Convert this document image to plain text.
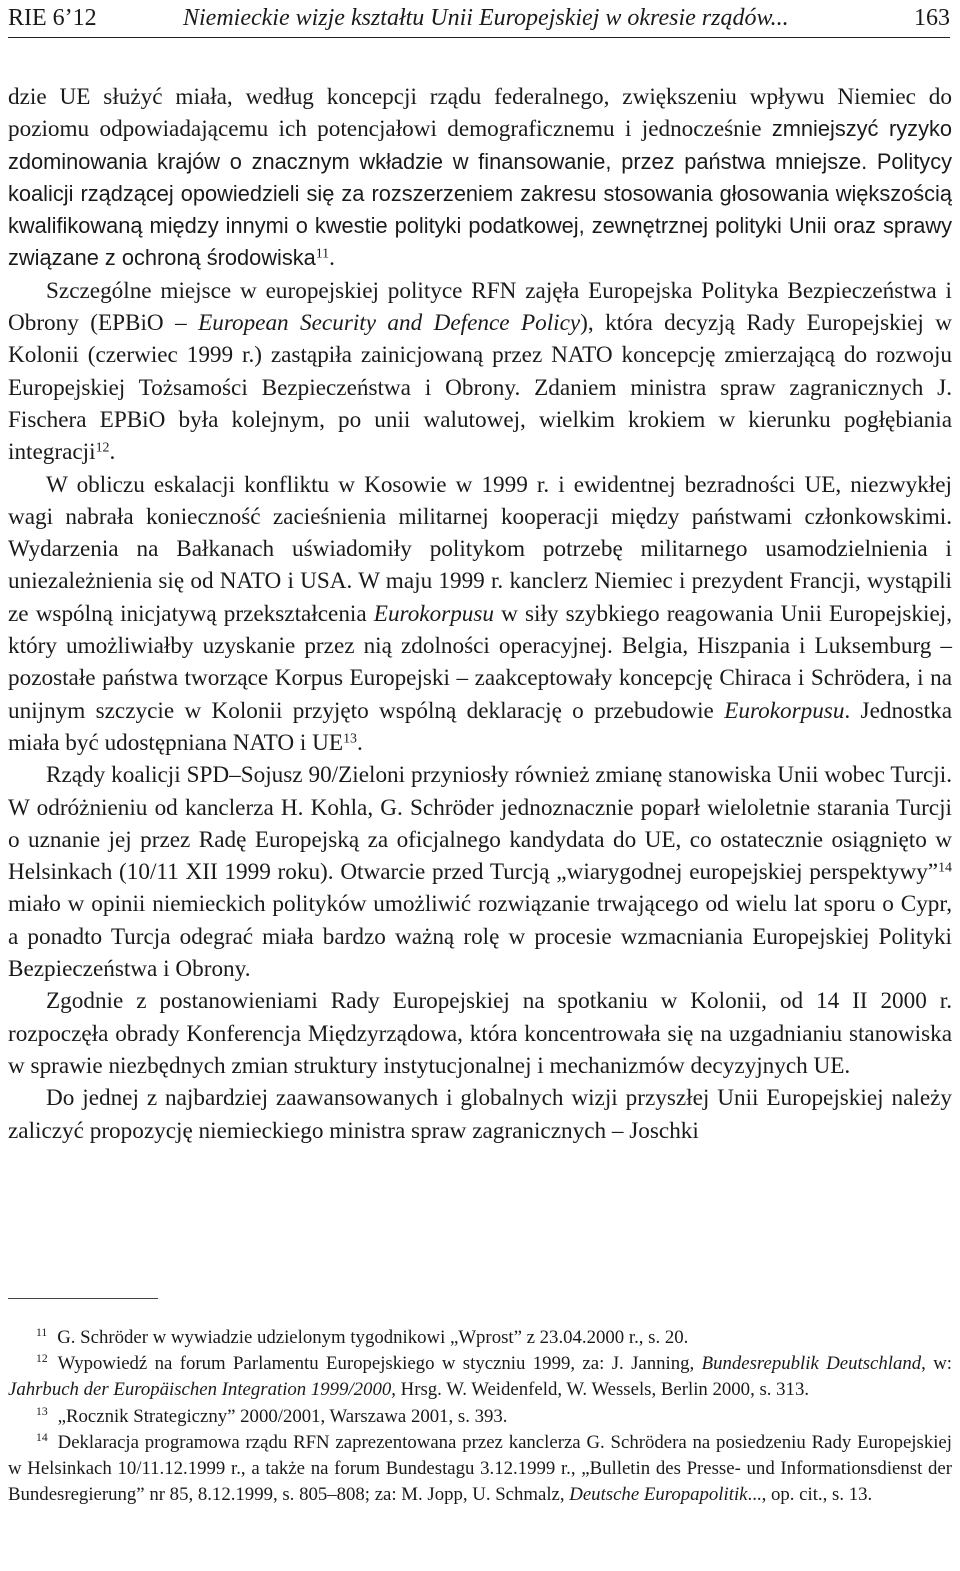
RIE 6’12	Niemieckie wizje kształtu Unii Europejskiej w okresie rządów...	163

dzie UE służyć miała, według koncepcji rządu federalnego, zwiększeniu wpływu Niemiec do poziomu odpowiadającemu ich potencjałowi demograficznemu i jednocześnie zmniejszyć ryzyko zdominowania krajów o znacznym wkładzie w finansowanie, przez państwa mniejsze. Politycy koalicji rządzącej opowiedzieli się za rozszerzeniem zakresu stosowania głosowania większością kwalifikowaną między innymi o kwestie polityki podatkowej, zewnętrznej polityki Unii oraz sprawy związane z ochroną środowiska$^{11}$.

Szczególne miejsce w europejskiej polityce RFN zajęła Europejska Polityka Bezpieczeństwa i Obrony (EPBiO – European Security and Defence Policy), która decyzją Rady Europejskiej w Kolonii (czerwiec 1999 r.) zastąpiła zainicjowaną przez NATO koncepcję zmierzającą do rozwoju Europejskiej Tożsamości Bezpieczeństwa i Obrony. Zdaniem ministra spraw zagranicznych J. Fischera EPBiO była kolejnym, po unii walutowej, wielkim krokiem w kierunku pogłębiania integracji$^{12}$.

W obliczu eskalacji konfliktu w Kosowie w 1999 r. i ewidentnej bezradności UE, niezwykłej wagi nabrała konieczność zacieśnienia militarnej kooperacji między państwami członkowskimi. Wydarzenia na Bałkanach uświadomiły politykom potrzebę militarnego usamodzielnienia i uniezależnienia się od NATO i USA. W maju 1999 r. kanclerz Niemiec i prezydent Francji, wystąpili ze wspólną inicjatywą przekształcenia Eurokorpusu w siły szybkiego reagowania Unii Europejskiej, który umożliwiałby uzyskanie przez nią zdolności operacyjnej. Belgia, Hiszpania i Luksemburg – pozostałe państwa tworzące Korpus Europejski – zaakceptowały koncepcję Chiraca i Schrödera, i na unijnym szczycie w Kolonii przyjęto wspólną deklarację o przebudowie Eurokorpusu. Jednostka miała być udostępniana NATO i UE$^{13}$.

Rządy koalicji SPD–Sojusz 90/Zieloni przyniosły również zmianę stanowiska Unii wobec Turcji. W odróżnieniu od kanclerza H. Kohla, G. Schröder jednoznacznie poparł wieloletnie starania Turcji o uznanie jej przez Radę Europejską za oficjalnego kandydata do UE, co ostatecznie osiągnięto w Helsinkach (10/11 XII 1999 roku). Otwarcie przed Turcją „wiarygodnej europejskiej perspektywy”$^{14}$ miało w opinii niemieckich polityków umożliwić rozwiązanie trwającego od wielu lat sporu o Cypr, a ponadto Turcja odegrać miała bardzo ważną rolę w procesie wzmacniania Europejskiej Polityki Bezpieczeństwa i Obrony.

Zgodnie z postanowieniami Rady Europejskiej na spotkaniu w Kolonii, od 14 II 2000 r. rozpoczęła obrady Konferencja Międzyrządowa, która koncentrowała się na uzgadnianiu stanowiska w sprawie niezbędnych zmian struktury instytucjonalnej i mechanizmów decyzyjnych UE.

Do jednej z najbardziej zaawansowanych i globalnych wizji przyszłej Unii Europejskiej należy zaliczyć propozycję niemieckiego ministra spraw zagranicznych – Joschki

$^{11}$ G. Schröder w wywiadzie udzielonym tygodnikowi „Wprost” z 23.04.2000 r., s. 20.

$^{12}$ Wypowiedź na forum Parlamentu Europejskiego w styczniu 1999, za: J. Janning, Bundesrepublik Deutschland, w: Jahrbuch der Europäischen Integration 1999/2000, Hrsg. W. Weidenfeld, W. Wessels, Berlin 2000, s. 313.

$^{13}$ „Rocznik Strategiczny” 2000/2001, Warszawa 2001, s. 393.

$^{14}$ Deklaracja programowa rządu RFN zaprezentowana przez kanclerza G. Schrödera na posiedzeniu Rady Europejskiej w Helsinkach 10/11.12.1999 r., a także na forum Bundestagu 3.12.1999 r., „Bulletin des Presse- und Informationsdienst der Bundesregierung” nr 85, 8.12.1999, s. 805–808; za: M. Jopp, U. Schmalz, Deutsche Europapolitik..., op. cit., s. 13.
